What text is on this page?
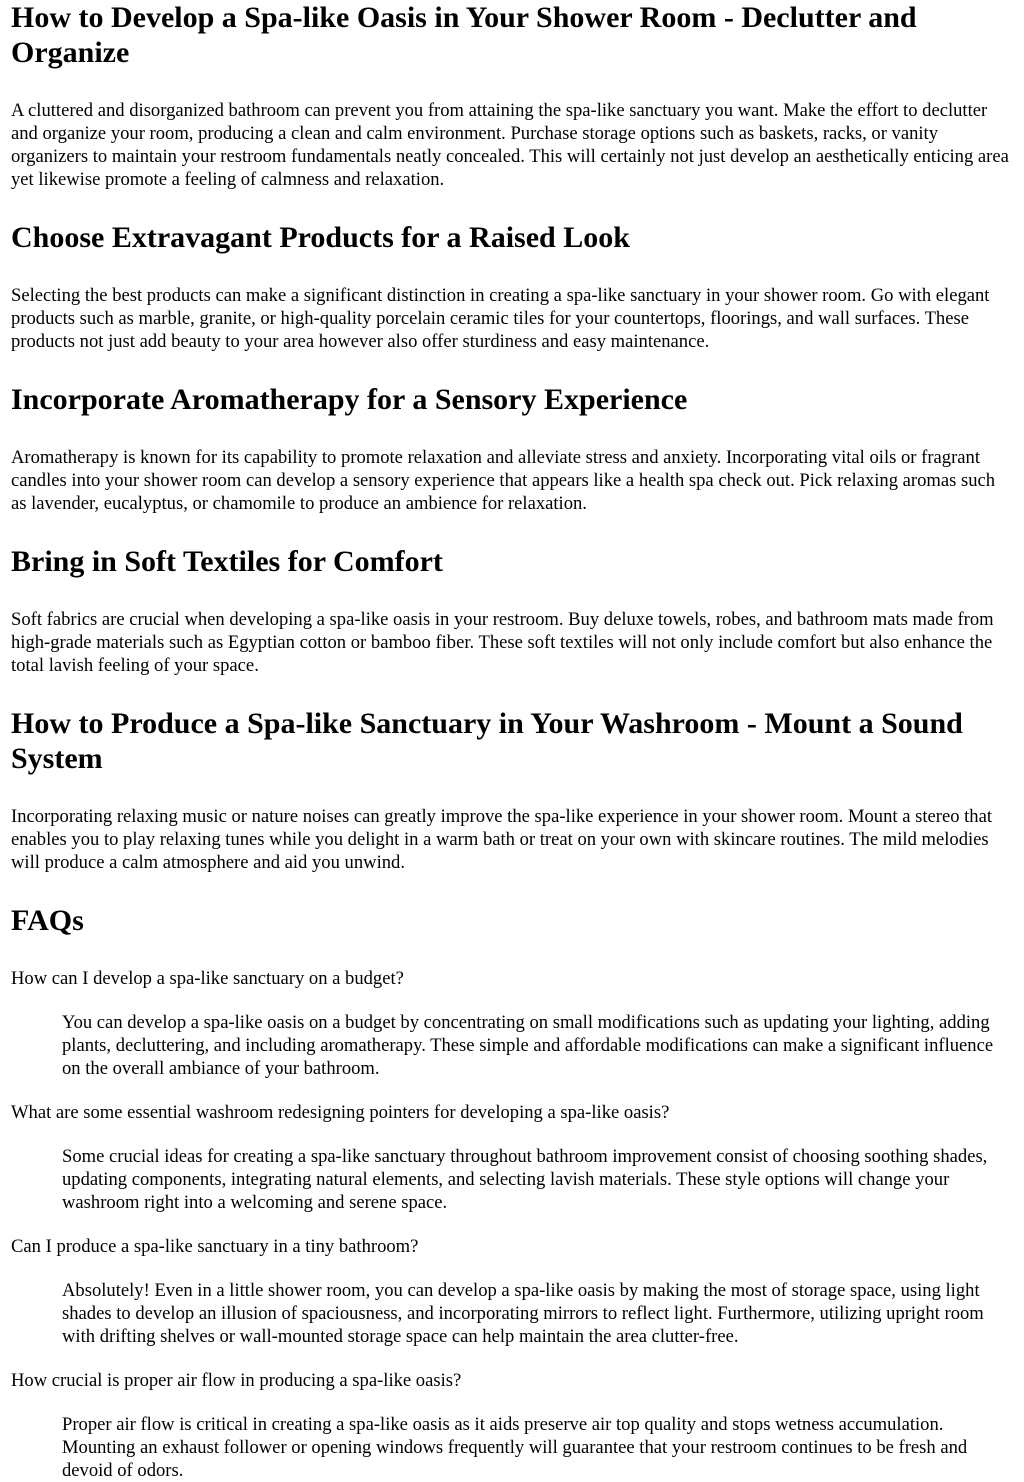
How to Develop a Spa-like Oasis in Your Shower Room - Declutter and Organize

A cluttered and disorganized bathroom can prevent you from attaining the spa-like sanctuary you want. Make the effort to declutter and organize your room, producing a clean and calm environment. Purchase storage options such as baskets, racks, or vanity organizers to maintain your restroom fundamentals neatly concealed. This will certainly not just develop an aesthetically enticing area yet likewise promote a feeling of calmness and relaxation.

Choose Extravagant Products for a Raised Look

Selecting the best products can make a significant distinction in creating a spa-like sanctuary in your shower room. Go with elegant products such as marble, granite, or high-quality porcelain ceramic tiles for your countertops, floorings, and wall surfaces. These products not just add beauty to your area however also offer sturdiness and easy maintenance.

Incorporate Aromatherapy for a Sensory Experience

Aromatherapy is known for its capability to promote relaxation and alleviate stress and anxiety. Incorporating vital oils or fragrant candles into your shower room can develop a sensory experience that appears like a health spa check out. Pick relaxing aromas such as lavender, eucalyptus, or chamomile to produce an ambience for relaxation.

Bring in Soft Textiles for Comfort

Soft fabrics are crucial when developing a spa-like oasis in your restroom. Buy deluxe towels, robes, and bathroom mats made from high-grade materials such as Egyptian cotton or bamboo fiber. These soft textiles will not only include comfort but also enhance the total lavish feeling of your space.

How to Produce a Spa-like Sanctuary in Your Washroom - Mount a Sound System

Incorporating relaxing music or nature noises can greatly improve the spa-like experience in your shower room. Mount a stereo that enables you to play relaxing tunes while you delight in a warm bath or treat on your own with skincare routines. The mild melodies will produce a calm atmosphere and aid you unwind.

FAQs
How can I develop a spa-like sanctuary on a budget?
You can develop a spa-like oasis on a budget by concentrating on small modifications such as updating your lighting, adding plants, decluttering, and including aromatherapy. These simple and affordable modifications can make a significant influence on the overall ambiance of your bathroom.
What are some essential washroom redesigning pointers for developing a spa-like oasis?
Some crucial ideas for creating a spa-like sanctuary throughout bathroom improvement consist of choosing soothing shades, updating components, integrating natural elements, and selecting lavish materials. These style options will change your washroom right into a welcoming and serene space.
Can I produce a spa-like sanctuary in a tiny bathroom?
Absolutely! Even in a little shower room, you can develop a spa-like oasis by making the most of storage space, using light shades to develop an illusion of spaciousness, and incorporating mirrors to reflect light. Furthermore, utilizing upright room with drifting shelves or wall-mounted storage space can help maintain the area clutter-free.
How crucial is proper air flow in producing a spa-like oasis?
Proper air flow is critical in creating a spa-like oasis as it aids preserve air top quality and stops wetness accumulation. Mounting an exhaust follower or opening windows frequently will guarantee that your restroom continues to be fresh and devoid of odors.
